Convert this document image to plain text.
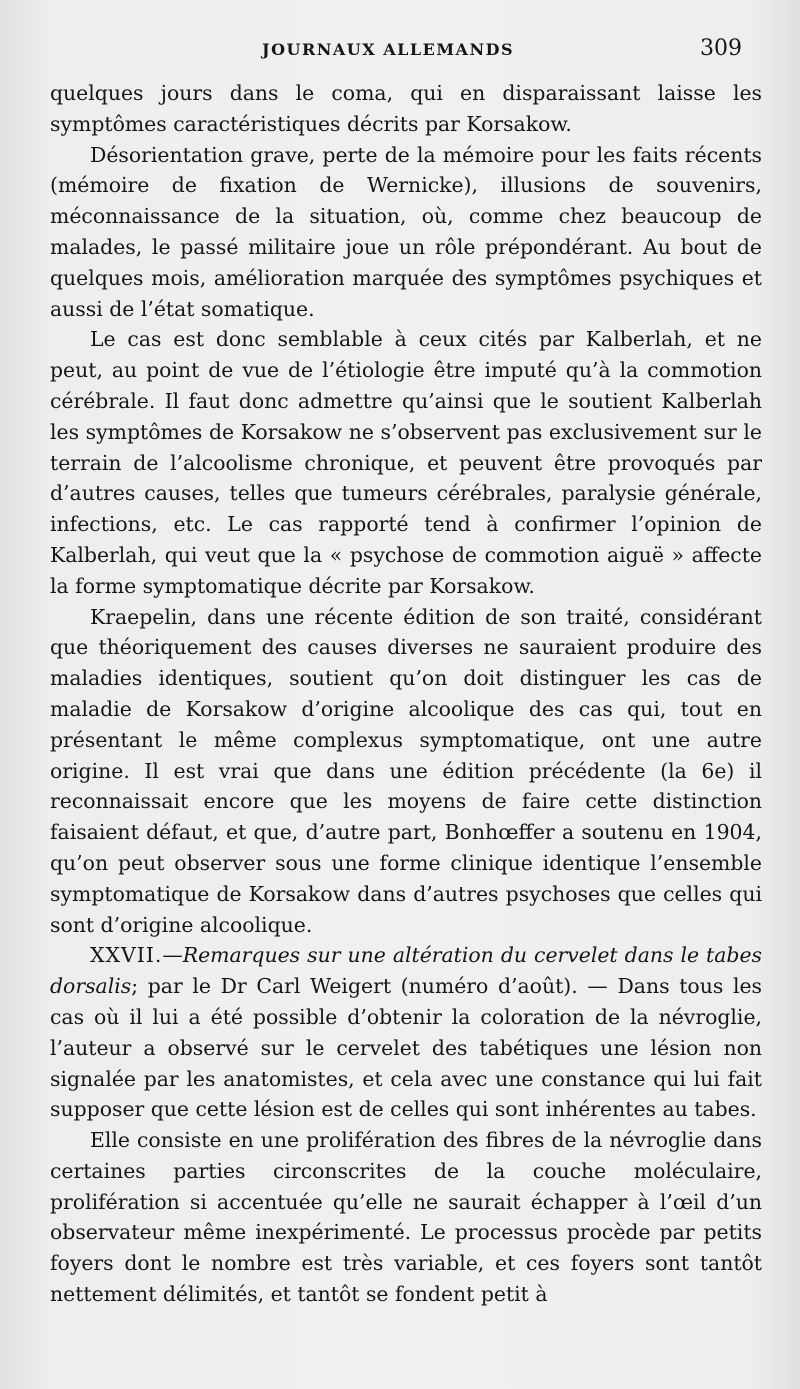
JOURNAUX ALLEMANDS	309

quelques jours dans le coma, qui en disparaissant laisse les symptômes caractéristiques décrits par Korsakow.

Désorientation grave, perte de la mémoire pour les faits récents (mémoire de fixation de Wernicke), illusions de souvenirs, méconnaissance de la situation, où, comme chez beaucoup de malades, le passé militaire joue un rôle prépondérant. Au bout de quelques mois, amélioration marquée des symptômes psychiques et aussi de l’état somatique.

Le cas est donc semblable à ceux cités par Kalberlah, et ne peut, au point de vue de l’étiologie être imputé qu’à la commotion cérébrale. Il faut donc admettre qu’ainsi que le soutient Kalberlah les symptômes de Korsakow ne s’observent pas exclusivement sur le terrain de l’alcoolisme chronique, et peuvent être provoqués par d’autres causes, telles que tumeurs cérébrales, paralysie générale, infections, etc. Le cas rapporté tend à confirmer l’opinion de Kalberlah, qui veut que la « psychose de commotion aiguë » affecte la forme symptomatique décrite par Korsakow.

Kraepelin, dans une récente édition de son traité, considérant que théoriquement des causes diverses ne sauraient produire des maladies identiques, soutient qu’on doit distinguer les cas de maladie de Korsakow d’origine alcoolique des cas qui, tout en présentant le même complexus symptomatique, ont une autre origine. Il est vrai que dans une édition précédente (la 6e) il reconnaissait encore que les moyens de faire cette distinction faisaient défaut, et que, d’autre part, Bonhœffer a soutenu en 1904, qu’on peut observer sous une forme clinique identique l’ensemble symptomatique de Korsakow dans d’autres psychoses que celles qui sont d’origine alcoolique.

XXVII.—Remarques sur une altération du cervelet dans le tabes dorsalis; par le Dr Carl Weigert (numéro d’août). — Dans tous les cas où il lui a été possible d’obtenir la coloration de la névroglie, l’auteur a observé sur le cervelet des tabétiques une lésion non signalée par les anatomistes, et cela avec une constance qui lui fait supposer que cette lésion est de celles qui sont inhérentes au tabes.

Elle consiste en une prolifération des fibres de la névroglie dans certaines parties circonscrites de la couche moléculaire, prolifération si accentuée qu’elle ne saurait échapper à l’œil d’un observateur même inexpérimenté. Le processus procède par petits foyers dont le nombre est très variable, et ces foyers sont tantôt nettement délimités, et tantôt se fondent petit à
